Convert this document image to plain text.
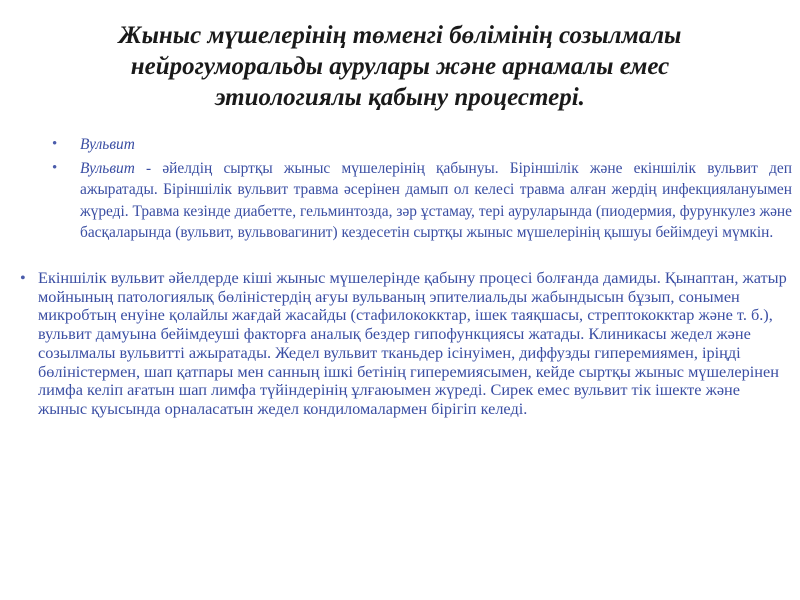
Жыныс мүшелерінің төменгі бөлімінің созылмалы
нейрогуморальды аурулары және арнамалы емес
этиологиялы қабыну процестері.
• Вульвит
• Вульвит - әйелдің сыртқы жыныс мүшелерінің қабынуы. Біріншілік және екіншілік вульвит деп ажыратады. Біріншілік вульвит травма әсерінен дамып ол келесі травма алған жердің инфекциялануымен жүреді. Травма кезінде диабетте, гельминтозда, зәр ұстамау, тері ауруларында (пиодермия, фурункулез және басқаларында (вульвит, вульвовагинит) кездесетін сыртқы жыныс мүшелерінің қышуы бейімдеуі мүмкін.
• Екіншілік вульвит әйелдерде кіші жыныс мүшелерінде қабыну процесі болғанда дамиды. Қынаптан, жатыр мойнының патологиялық бөліністердің ағуы вульваның эпителиальды жабындысын бұзып, сонымен микробтың енуіне қолайлы жағдай жасайды (стафилококктар, ішек таяқшасы, стрептококктар және т. б.), вульвит дамуына бейімдеуші факторға аналық бездер гипофункциясы жатады. Клиникасы жедел және созылмалы вульвитті ажыратады. Жедел вульвит тканьдер ісінуімен, диффузды гиперемиямен, іріңді бөліністермен, шап қатпары мен санның ішкі бетінің гиперемиясымен, кейде сыртқы жыныс мүшелерінен лимфа келіп ағатын шап лимфа түйіндерінің ұлғаюымен жүреді. Сирек емес вульвит тік ішекте және жыныс қуысында орналасатын жедел кондиломалармен бірігіп келеді.
